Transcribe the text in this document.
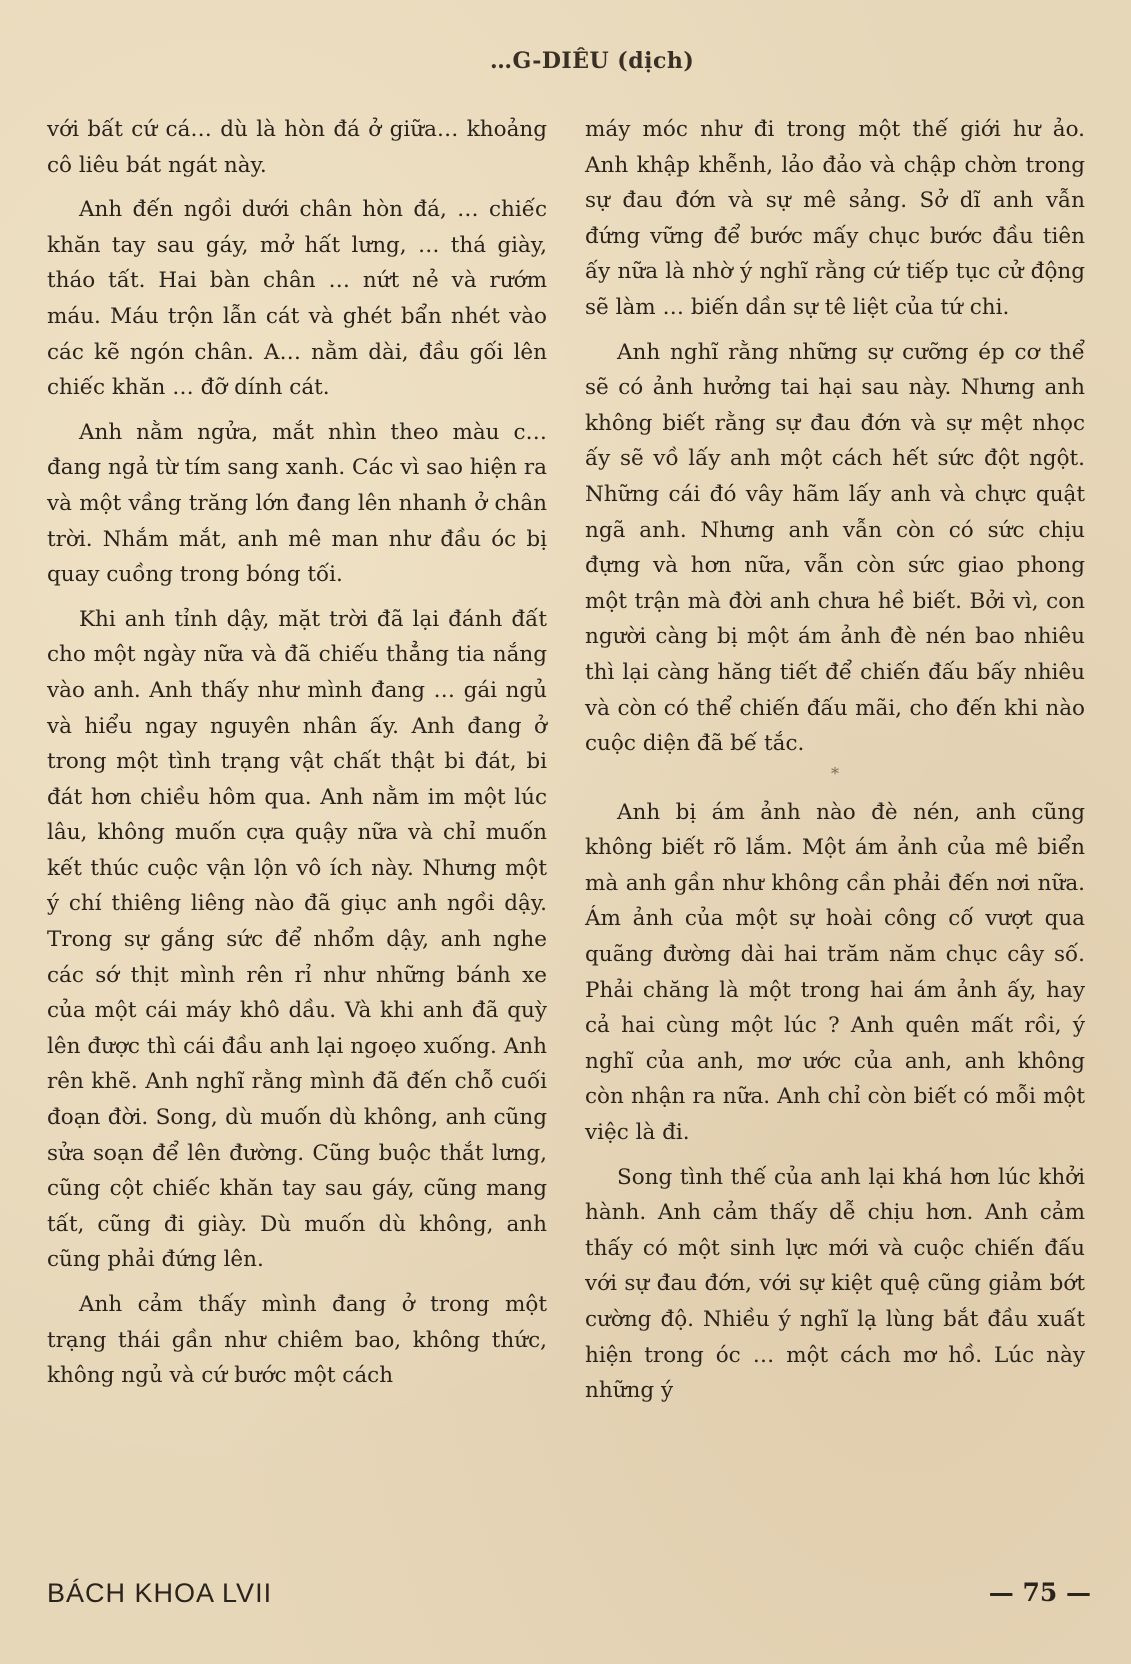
…G-DIÊU (dịch)

với bất cứ cá… dù là hòn đá ở giữa… khoảng cô liêu bát ngát này.

Anh đến ngồi dưới chân hòn đá, … chiếc khăn tay sau gáy, mở hất lưng, … thá giày, tháo tất. Hai bàn chân … nứt nẻ và rướm máu. Máu trộn lẫn cát và ghét bẩn nhét vào các kẽ ngón chân. A… nằm dài, đầu gối lên chiếc khăn … đỡ dính cát.

Anh nằm ngửa, mắt nhìn theo màu c… đang ngả từ tím sang xanh. Các vì sao hiện ra và một vầng trăng lớn đang lên nhanh ở chân trời. Nhắm mắt, anh mê man như đầu óc bị quay cuồng trong bóng tối.

Khi anh tỉnh dậy, mặt trời đã lại đánh đất cho một ngày nữa và đã chiếu thẳng tia nắng vào anh. Anh thấy như mình đang … gái ngủ và hiểu ngay nguyên nhân ấy. Anh đang ở trong một tình trạng vật chất thật bi đát, bi đát hơn chiều hôm qua. Anh nằm im một lúc lâu, không muốn cựa quậy nữa và chỉ muốn kết thúc cuộc vận lộn vô ích này. Nhưng một ý chí thiêng liêng nào đã giục anh ngồi dậy. Trong sự gắng sức để nhổm dậy, anh nghe các sớ thịt mình rên rỉ như những bánh xe của một cái máy khô dầu. Và khi anh đã quỳ lên được thì cái đầu anh lại ngoẹo xuống. Anh rên khẽ. Anh nghĩ rằng mình đã đến chỗ cuối đoạn đời. Song, dù muốn dù không, anh cũng sửa soạn để lên đường. Cũng buộc thắt lưng, cũng cột chiếc khăn tay sau gáy, cũng mang tất, cũng đi giày. Dù muốn dù không, anh cũng phải đứng lên.

Anh cảm thấy mình đang ở trong một trạng thái gần như chiêm bao, không thức, không ngủ và cứ bước một cách

máy móc như đi trong một thế giới hư ảo. Anh khập khễnh, lảo đảo và chập chờn trong sự đau đớn và sự mê sảng. Sở dĩ anh vẫn đứng vững để bước mấy chục bước đầu tiên ấy nữa là nhờ ý nghĩ rằng cứ tiếp tục cử động sẽ làm … biến dần sự tê liệt của tứ chi.

Anh nghĩ rằng những sự cưỡng ép cơ thể sẽ có ảnh hưởng tai hại sau này. Nhưng anh không biết rằng sự đau đớn và sự mệt nhọc ấy sẽ vồ lấy anh một cách hết sức đột ngột. Những cái đó vây hãm lấy anh và chực quật ngã anh. Nhưng anh vẫn còn có sức chịu đựng và hơn nữa, vẫn còn sức giao phong một trận mà đời anh chưa hề biết. Bởi vì, con người càng bị một ám ảnh đè nén bao nhiêu thì lại càng hăng tiết để chiến đấu bấy nhiêu và còn có thể chiến đấu mãi, cho đến khi nào cuộc diện đã bế tắc.

*

Anh bị ám ảnh nào đè nén, anh cũng không biết rõ lắm. Một ám ảnh của mê biển mà anh gần như không cần phải đến nơi nữa. Ám ảnh của một sự hoài công cố vượt qua quãng đường dài hai trăm năm chục cây số. Phải chăng là một trong hai ám ảnh ấy, hay cả hai cùng một lúc ? Anh quên mất rồi, ý nghĩ của anh, mơ ước của anh, anh không còn nhận ra nữa. Anh chỉ còn biết có mỗi một việc là đi.

Song tình thế của anh lại khá hơn lúc khởi hành. Anh cảm thấy dễ chịu hơn. Anh cảm thấy có một sinh lực mới và cuộc chiến đấu với sự đau đớn, với sự kiệt quệ cũng giảm bớt cường độ. Nhiều ý nghĩ lạ lùng bắt đầu xuất hiện trong óc … một cách mơ hồ. Lúc này những ý

BÁCH KHOA LVII	— 75 —
